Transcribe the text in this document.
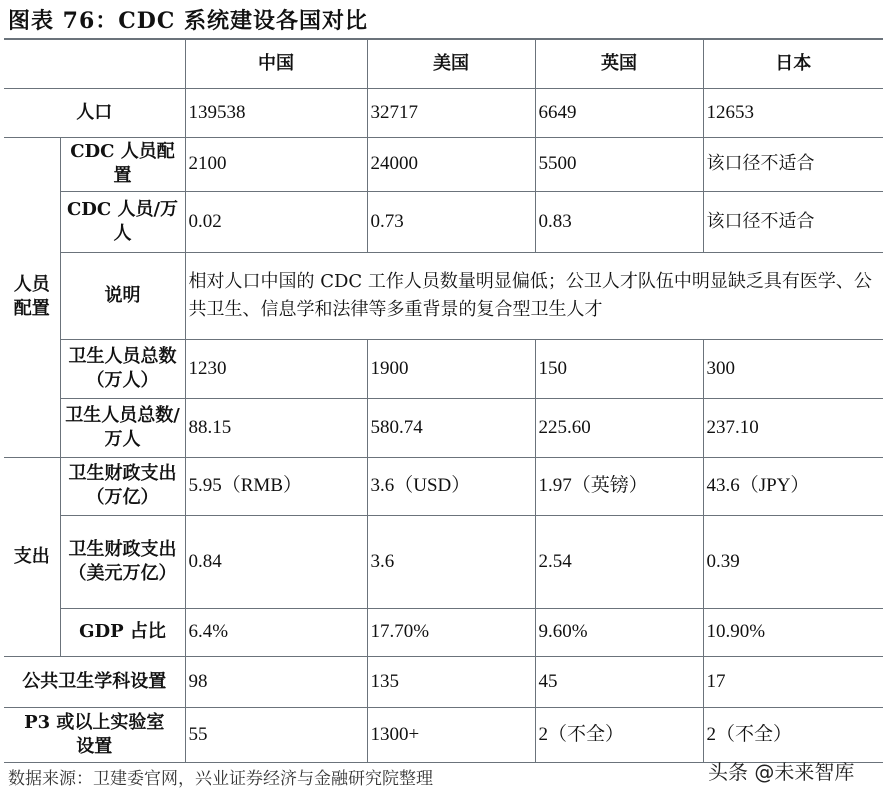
图表 76：CDC 系统建设各国对比
		中国	美国	英国	日本
人口		139538	32717	6649	12653
人员配置	CDC 人员配置	2100	24000	5500	该口径不适合
	CDC 人员/万人	0.02	0.73	0.83	该口径不适合
	说明	相对人口中国的 CDC 工作人员数量明显偏低；公卫人才队伍中明显缺乏具有医学、公共卫生、信息学和法律等多重背景的复合型卫生人才			
	卫生人员总数（万人）	1230	1900	150	300
	卫生人员总数/万人	88.15	580.74	225.60	237.10
支出	卫生财政支出（万亿）	5.95（RMB）	3.6（USD）	1.97（英镑）	43.6（JPY）
	卫生财政支出（美元万亿）	0.84	3.6	2.54	0.39
	GDP 占比	6.4%	17.70%	9.60%	10.90%
公共卫生学科设置		98	135	45	17
P3 或以上实验室设置		55	1300+	2（不全）	2（不全）
数据来源：卫建委官网，兴业证券经济与金融研究院整理	头条 @未来智库
